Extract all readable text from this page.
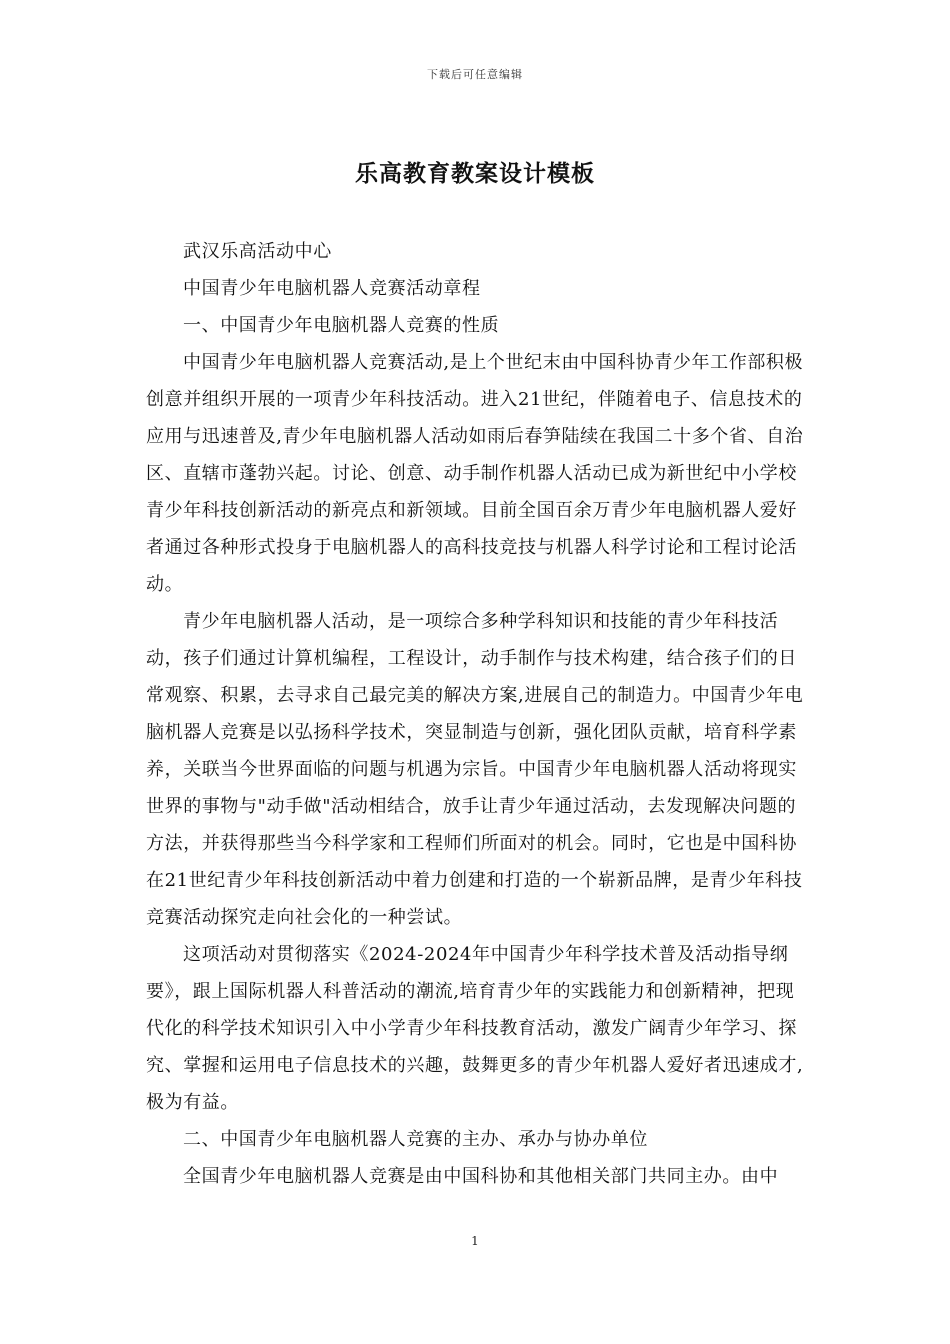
下载后可任意编辑
乐高教育教案设计模板

武汉乐高活动中心

中国青少年电脑机器人竞赛活动章程

一、中国青少年电脑机器人竞赛的性质

中国青少年电脑机器人竞赛活动,是上个世纪末由中国科协青少年工作部积极创意并组织开展的一项青少年科技活动。进入21世纪，伴随着电子、信息技术的应用与迅速普及,青少年电脑机器人活动如雨后春笋陆续在我国二十多个省、自治区、直辖市蓬勃兴起。讨论、创意、动手制作机器人活动已成为新世纪中小学校青少年科技创新活动的新亮点和新领域。目前全国百余万青少年电脑机器人爱好者通过各种形式投身于电脑机器人的高科技竞技与机器人科学讨论和工程讨论活动。

青少年电脑机器人活动，是一项综合多种学科知识和技能的青少年科技活动，孩子们通过计算机编程，工程设计，动手制作与技术构建，结合孩子们的日常观察、积累，去寻求自己最完美的解决方案,进展自己的制造力。中国青少年电脑机器人竞赛是以弘扬科学技术，突显制造与创新，强化团队贡献，培育科学素养，关联当今世界面临的问题与机遇为宗旨。中国青少年电脑机器人活动将现实世界的事物与"动手做"活动相结合，放手让青少年通过活动，去发现解决问题的方法，并获得那些当今科学家和工程师们所面对的机会。同时，它也是中国科协在21世纪青少年科技创新活动中着力创建和打造的一个崭新品牌，是青少年科技竞赛活动探究走向社会化的一种尝试。

这项活动对贯彻落实《2024-2024年中国青少年科学技术普及活动指导纲要》，跟上国际机器人科普活动的潮流,培育青少年的实践能力和创新精神，把现代化的科学技术知识引入中小学青少年科技教育活动，激发广阔青少年学习、探究、掌握和运用电子信息技术的兴趣，鼓舞更多的青少年机器人爱好者迅速成才,极为有益。

二、中国青少年电脑机器人竞赛的主办、承办与协办单位

全国青少年电脑机器人竞赛是由中国科协和其他相关部门共同主办。由中

1
